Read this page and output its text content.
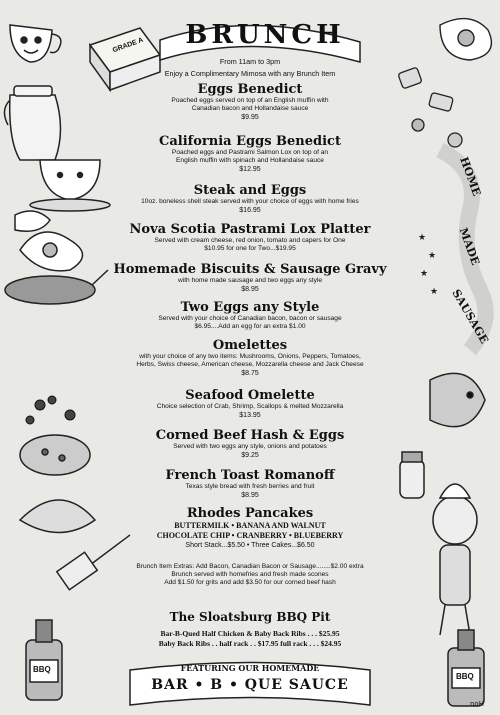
★
★
★
★
GRADE A BRUNCH
From 11am to 3pm
Enjoy a Complimentary Mimosa with any Brunch Item
Eggs Benedict
Poached eggs served on top of an English muffin with
Canadian bacon and Hollandaise sauce
$9.95
California Eggs Benedict
Poached eggs and Pastrami Salmon Lox on top of an
English muffin with spinach and Hollandaise sauce
$12.95
Steak and Eggs
10oz. boneless shell steak served with your choice of eggs with home fries
$16.95
Nova Scotia Pastrami Lox Platter
Served with cream cheese, red onion, tomato and capers for One
$10.95 for one for Two...$19.95
Homemade Biscuits & Sausage Gravy
with home made sausage and two eggs any style
$8.95
Two Eggs any Style
Served with your choice of Canadian bacon, bacon or sausage
$6.95....Add an egg for an extra $1.00
Omelettes
with your choice of any two items: Mushrooms, Onions, Peppers, Tomatoes,
Herbs, Swiss cheese, American cheese, Mozzarella cheese and Jack Cheese
$8.75
Seafood Omelette
Choice selection of Crab, Shrimp, Scallops & melted Mozzarella
$13.95
Corned Beef Hash & Eggs
Served with two eggs any style, onions and potatoes
$9.25
French Toast Romanoff
Texas style bread with fresh berries and fruit
$8.95
Rhodes Pancakes
BUTTERMILK • BANANA AND WALNUT
CHOCOLATE CHIP • CRANBERRY • BLUEBERRY
Short Stack...$5.50 • Three Cakes...$6.50
Brunch Item Extras: Add Bacon, Canadian Bacon or Sausage........$2.00 extra
Brunch served with homefries and fresh made scones
Add $1.50 for grits and add $3.50 for our corned beef hash
The Sloatsburg BBQ Pit
Bar-B-Qued Half Chicken & Baby Back Ribs . . . $25.95
Baby Back Ribs . . half rack . . $17.95 full rack . . . $24.95
FEATURING OUR HOMEMADE
BAR • B • QUE SAUCE
HOME
MADE
SAUSAGE
BBQ
BBQ
noH
